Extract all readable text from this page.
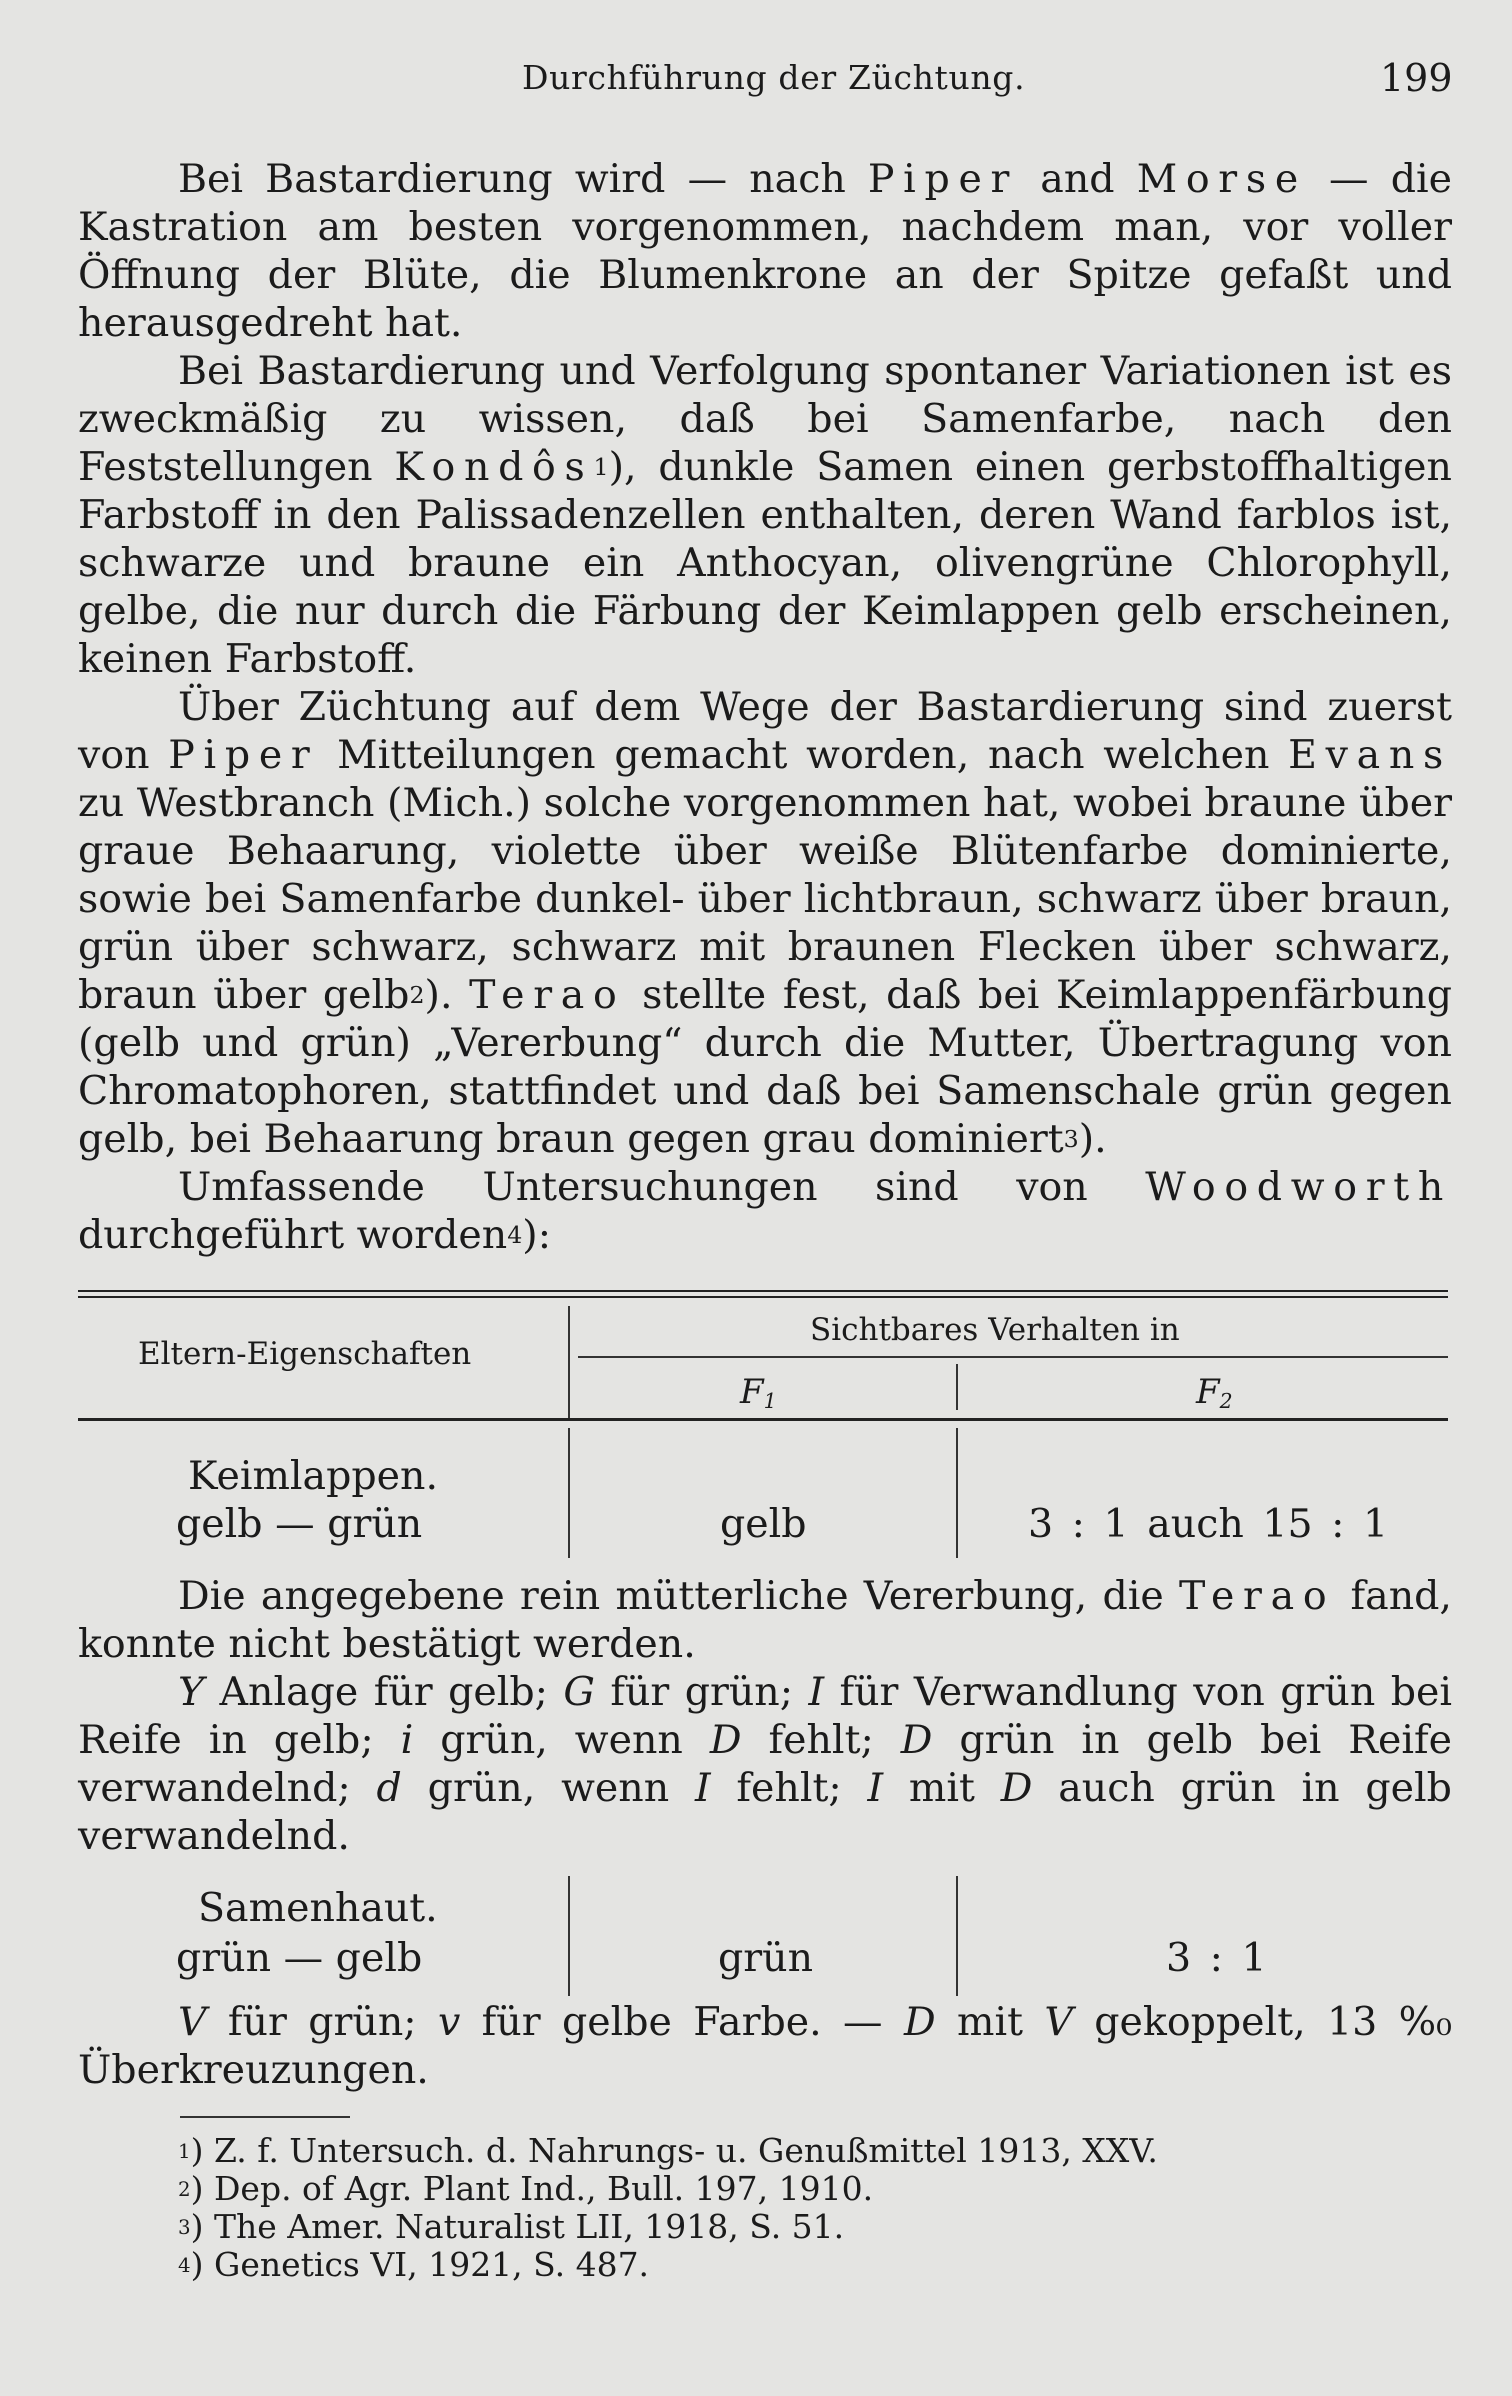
Durchführung der Züchtung.	199

Bei Bastardierung wird — nach Piper and Morse — die Kastration am besten vorgenommen, nachdem man, vor voller Öffnung der Blüte, die Blumenkrone an der Spitze gefaßt und herausgedreht hat.

Bei Bastardierung und Verfolgung spontaner Variationen ist es zweckmäßig zu wissen, daß bei Samenfarbe, nach den Feststellungen Kondôs$^1$), dunkle Samen einen gerbstoffhaltigen Farbstoff in den Palissadenzellen enthalten, deren Wand farblos ist, schwarze und braune ein Anthocyan, olivengrüne Chlorophyll, gelbe, die nur durch die Färbung der Keimlappen gelb erscheinen, keinen Farbstoff.

Über Züchtung auf dem Wege der Bastardierung sind zuerst von Piper Mitteilungen gemacht worden, nach welchen Evans zu Westbranch (Mich.) solche vorgenommen hat, wobei braune über graue Behaarung, violette über weiße Blütenfarbe dominierte, sowie bei Samenfarbe dunkel- über lichtbraun, schwarz über braun, grün über schwarz, schwarz mit braunen Flecken über schwarz, braun über gelb$^2$). Terao stellte fest, daß bei Keimlappenfärbung (gelb und grün) „Vererbung“ durch die Mutter, Übertragung von Chromatophoren, stattfindet und daß bei Samenschale grün gegen gelb, bei Behaarung braun gegen grau dominiert$^3$).

Umfassende Untersuchungen sind von Woodworth durchgeführt worden$^4$):

Eltern-Eigenschaften
Sichtbares Verhalten in
$F_1$	$F_2$
Keimlappen.
gelb — grün	gelb	3 : 1 auch 15 : 1

Die angegebene rein mütterliche Vererbung, die Terao fand, konnte nicht bestätigt werden.

Y Anlage für gelb; G für grün; I für Verwandlung von grün bei Reife in gelb; i grün, wenn D fehlt; D grün in gelb bei Reife verwandelnd; d grün, wenn I fehlt; I mit D auch grün in gelb verwandelnd.

Samenhaut.
grün — gelb	grün	3 : 1

V für grün; v für gelbe Farbe. — D mit V gekoppelt, 13 %₀ Überkreuzungen.

$^1$) Z. f. Untersuch. d. Nahrungs- u. Genußmittel 1913, XXV.
$^2$) Dep. of Agr. Plant Ind., Bull. 197, 1910.
$^3$) The Amer. Naturalist LII, 1918, S. 51.
$^4$) Genetics VI, 1921, S. 487.
